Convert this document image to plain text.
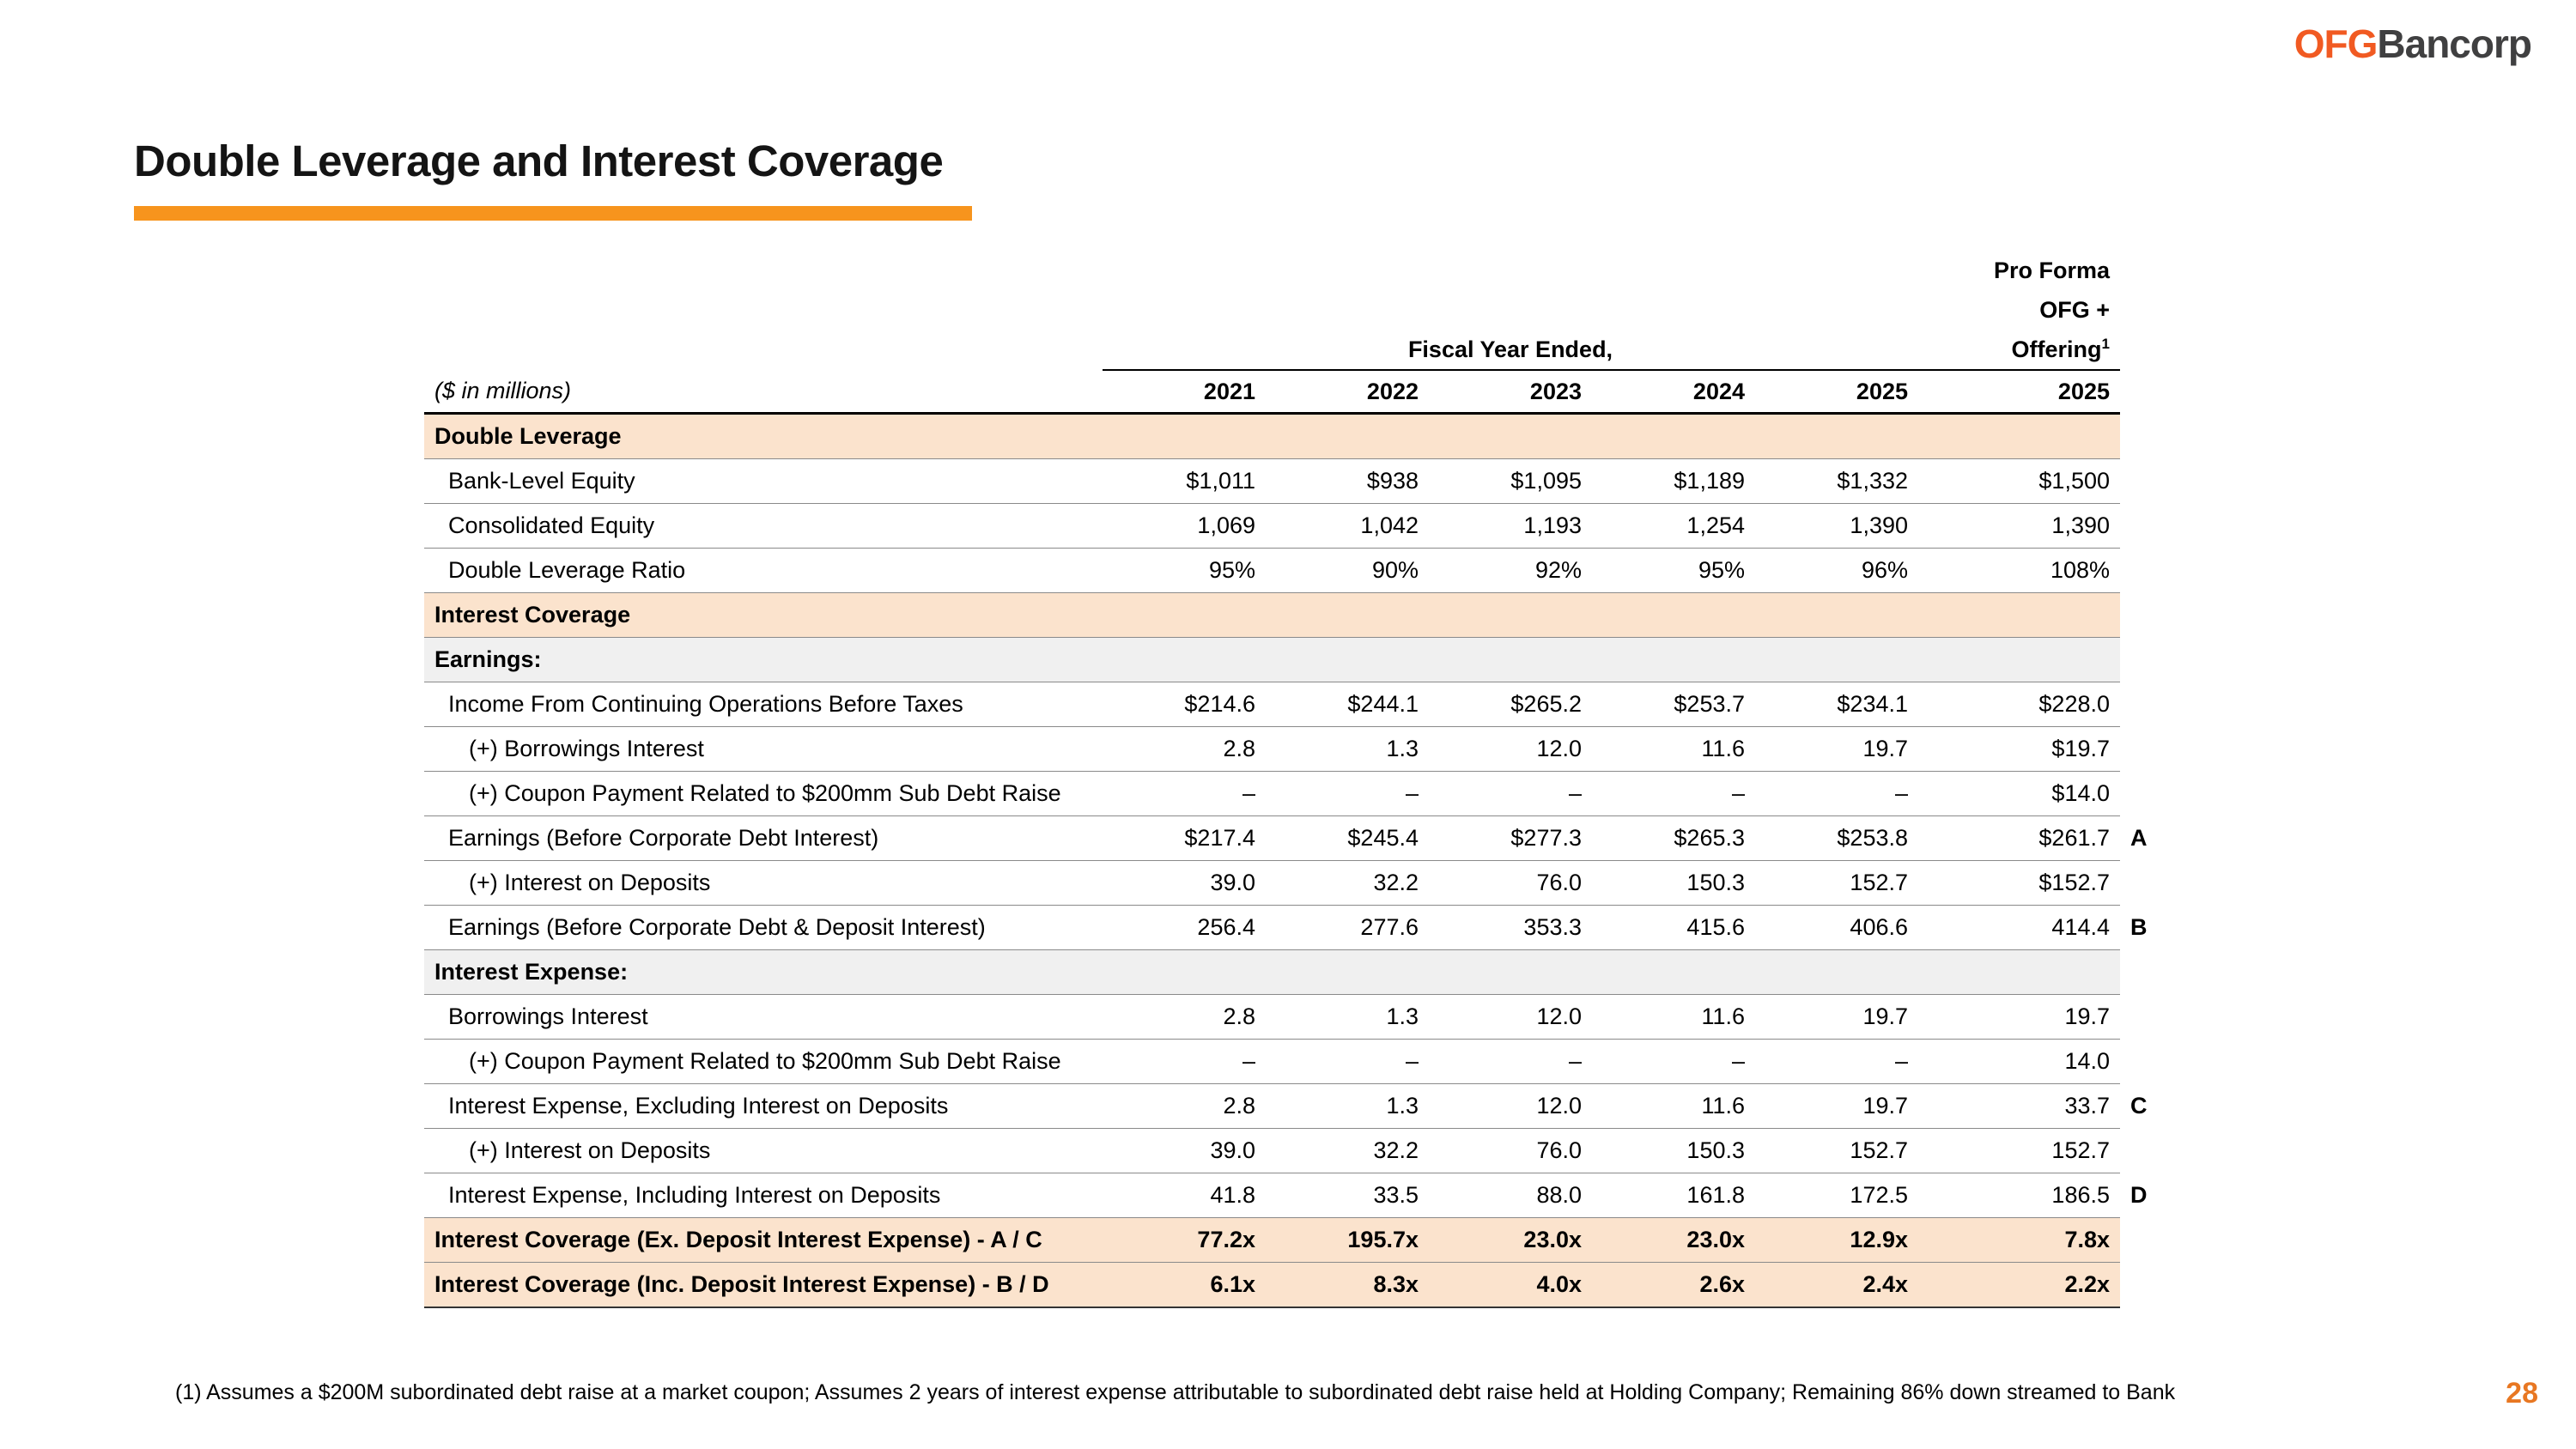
OFGBancorp
Double Leverage and Interest Coverage
						Pro Forma	
						OFG +	
	Fiscal Year Ended,					Offering$^1$	
($ in millions)	2021	2022	2023	2024	2025	2025	
Double Leverage							
Bank-Level Equity	$1,011	$938	$1,095	$1,189	$1,332	$1,500	
Consolidated Equity	1,069	1,042	1,193	1,254	1,390	1,390	
Double Leverage Ratio	95%	90%	92%	95%	96%	108%	
Interest Coverage							
Earnings:							
Income From Continuing Operations Before Taxes	$214.6	$244.1	$265.2	$253.7	$234.1	$228.0	
(+) Borrowings Interest	2.8	1.3	12.0	11.6	19.7	$19.7	
(+) Coupon Payment Related to $200mm Sub Debt Raise	–	–	–	–	–	$14.0	
Earnings (Before Corporate Debt Interest)	$217.4	$245.4	$277.3	$265.3	$253.8	$261.7	A
(+) Interest on Deposits	39.0	32.2	76.0	150.3	152.7	$152.7	
Earnings (Before Corporate Debt & Deposit Interest)	256.4	277.6	353.3	415.6	406.6	414.4	B
Interest Expense:							
Borrowings Interest	2.8	1.3	12.0	11.6	19.7	19.7	
(+) Coupon Payment Related to $200mm Sub Debt Raise	–	–	–	–	–	14.0	
Interest Expense, Excluding Interest on Deposits	2.8	1.3	12.0	11.6	19.7	33.7	C
(+) Interest on Deposits	39.0	32.2	76.0	150.3	152.7	152.7	
Interest Expense, Including Interest on Deposits	41.8	33.5	88.0	161.8	172.5	186.5	D
Interest Coverage (Ex. Deposit Interest Expense) - A / C	77.2x	195.7x	23.0x	23.0x	12.9x	7.8x	
Interest Coverage (Inc. Deposit Interest Expense) - B / D	6.1x	8.3x	4.0x	2.6x	2.4x	2.2x	
(1) Assumes a $200M subordinated debt raise at a market coupon; Assumes 2 years of interest expense attributable to subordinated debt raise held at Holding Company; Remaining 86% down streamed to Bank	28
